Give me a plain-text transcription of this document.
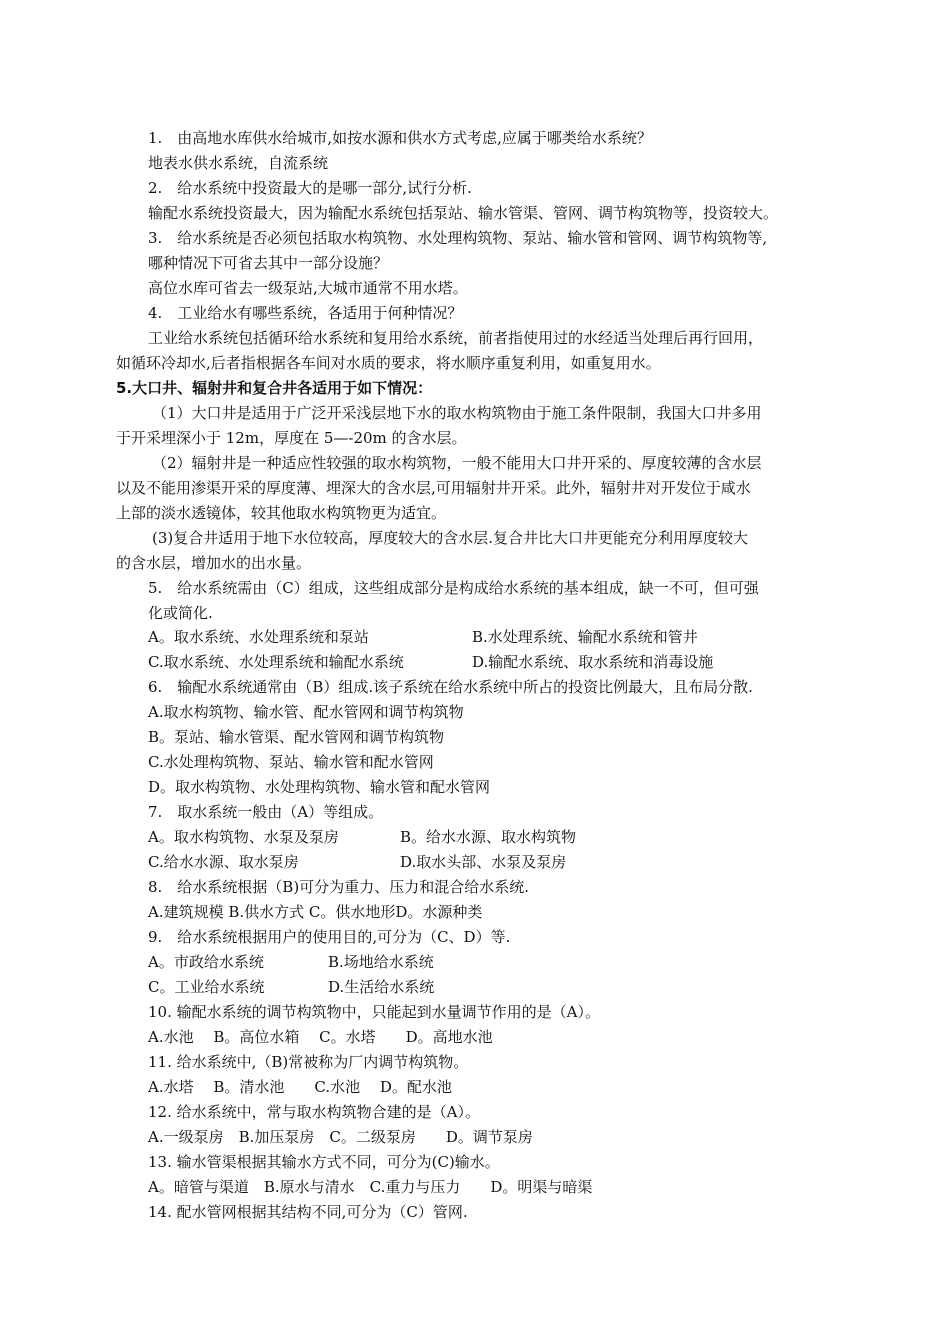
1.　由高地水库供水给城市,如按水源和供水方式考虑,应属于哪类给水系统？
地表水供水系统，自流系统
2.　给水系统中投资最大的是哪一部分,试行分析.
输配水系统投资最大，因为输配水系统包括泵站、输水管渠、管网、调节构筑物等，投资较大。
3.　给水系统是否必须包括取水构筑物、水处理构筑物、泵站、输水管和管网、调节构筑物等,
哪种情况下可省去其中一部分设施？
高位水库可省去一级泵站,大城市通常不用水塔。
4.　工业给水有哪些系统，各适用于何种情况？
工业给水系统包括循环给水系统和复用给水系统，前者指使用过的水经适当处理后再行回用，
如循环冷却水,后者指根据各车间对水质的要求，将水顺序重复利用，如重复用水。
5.大口井、辐射井和复合井各适用于如下情况：
（1）大口井是适用于广泛开采浅层地下水的取水构筑物由于施工条件限制，我国大口井多用
于开采埋深小于 12m，厚度在 5—-20m 的含水层。
（2）辐射井是一种适应性较强的取水构筑物，一般不能用大口井开采的、厚度较薄的含水层
以及不能用渗渠开采的厚度薄、埋深大的含水层,可用辐射井开采。此外，辐射井对开发位于咸水
上部的淡水透镜体，较其他取水构筑物更为适宜。
(3)复合井适用于地下水位较高，厚度较大的含水层.复合井比大口井更能充分利用厚度较大
的含水层，增加水的出水量。
5.　给水系统需由（C）组成，这些组成部分是构成给水系统的基本组成，缺一不可，但可强
化或简化.
A。取水系统、水处理系统和泵站	B.水处理系统、输配水系统和管井
C.取水系统、水处理系统和输配水系统	D.输配水系统、取水系统和消毒设施
6.　输配水系统通常由（B）组成.该子系统在给水系统中所占的投资比例最大，且布局分散.
A.取水构筑物、输水管、配水管网和调节构筑物
B。泵站、输水管渠、配水管网和调节构筑物
C.水处理构筑物、泵站、输水管和配水管网
D。取水构筑物、水处理构筑物、输水管和配水管网
7.　取水系统一般由（A）等组成。
A。取水构筑物、水泵及泵房	B。给水水源、取水构筑物
C.给水水源、取水泵房	D.取水头部、水泵及泵房
8.　给水系统根据（B)可分为重力、压力和混合给水系统.
A.建筑规模 B.供水方式 C。供水地形D。水源种类
9.　给水系统根据用户的使用目的,可分为（C、D）等.
A。市政给水系统	B.场地给水系统
C。工业给水系统	D.生活给水系统
10. 输配水系统的调节构筑物中，只能起到水量调节作用的是（A）。
A.水池　 B。高位水箱　 C。水塔　　D。高地水池
11. 给水系统中,（B)常被称为厂内调节构筑物。
A.水塔　 B。清水池　　C.水池　 D。配水池
12. 给水系统中，常与取水构筑物合建的是（A）。
A.一级泵房　B.加压泵房　C。二级泵房　　D。调节泵房
13. 输水管渠根据其输水方式不同，可分为(C)输水。
A。暗管与渠道　B.原水与清水　C.重力与压力　　D。明渠与暗渠
14. 配水管网根据其结构不同,可分为（C）管网.
